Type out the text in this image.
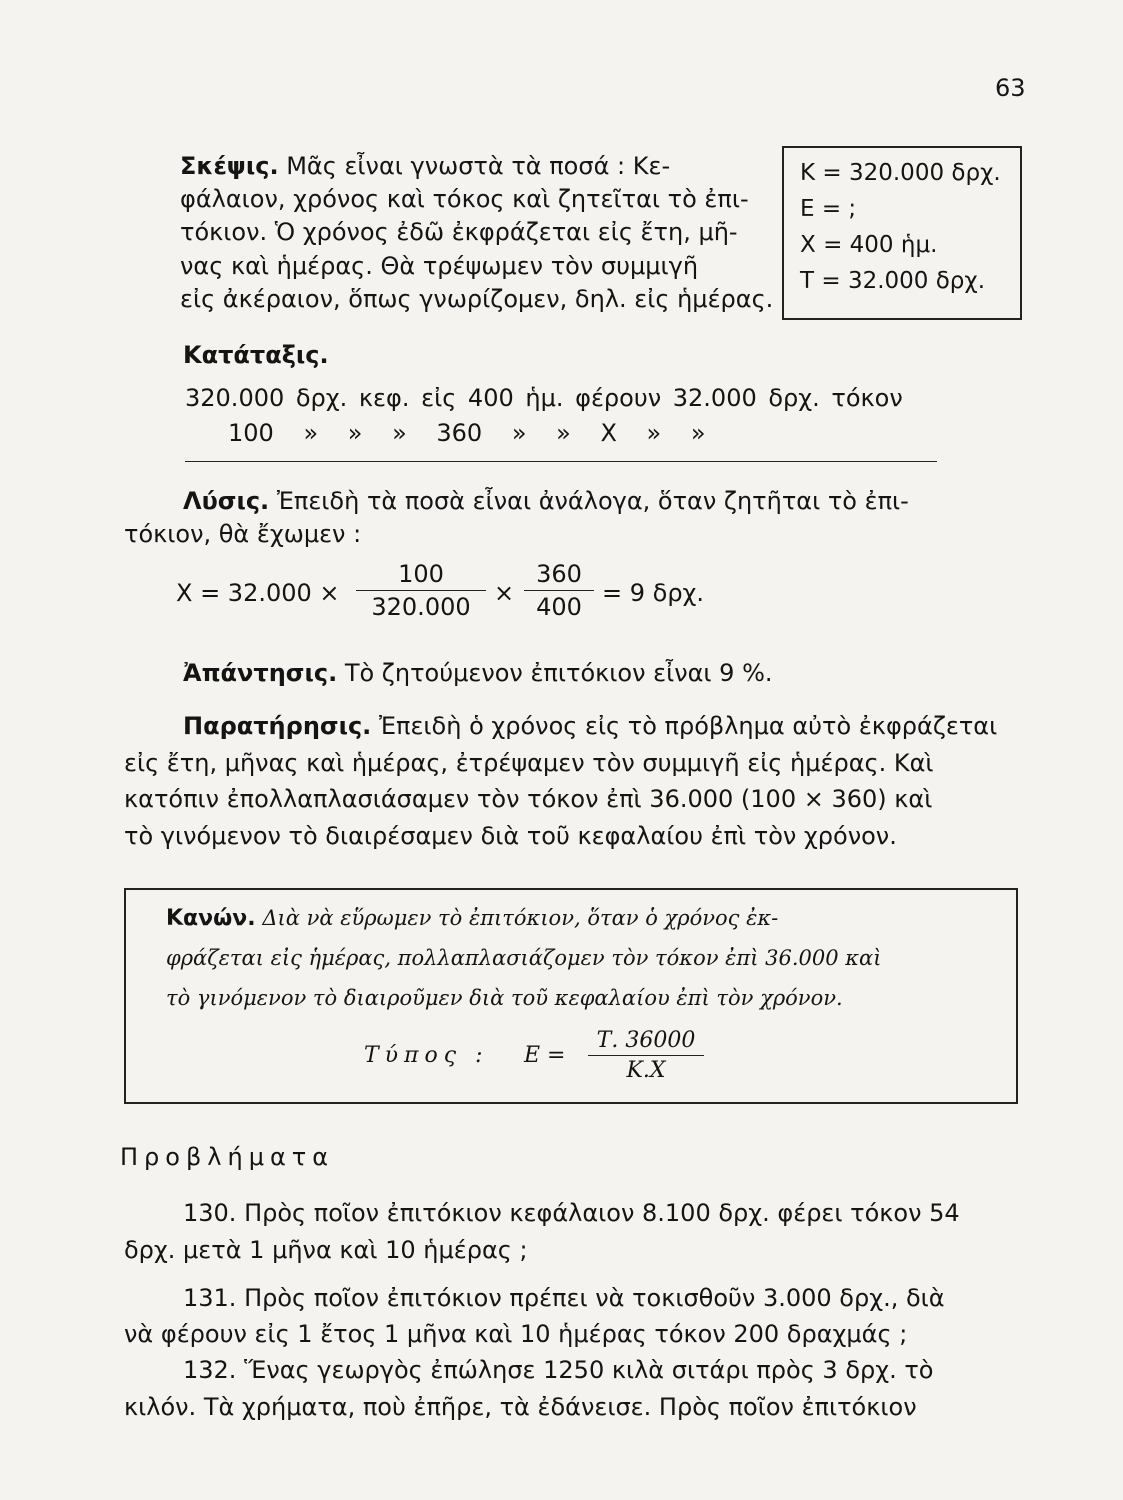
63
Σκέψις. Μᾶς εἶναι γνωστὰ τὰ ποσά : Κε-
φάλαιον, χρόνος καὶ τόκος καὶ ζητεῖται τὸ ἐπι-
τόκιον. Ὁ χρόνος ἐδῶ ἐκφράζεται εἰς ἔτη, μῆ-
νας καὶ ἡμέρας. Θὰ τρέψωμεν τὸν συμμιγῆ
εἰς ἀκέραιον, ὅπως γνωρίζομεν, δηλ. εἰς ἡμέρας.
Κ = 320.000 δρχ.
Ε = ;
Χ = 400 ἡμ.
Τ = 32.000 δρχ.
Κατάταξις.
320.000 δρχ. κεφ. εἰς 400 ἡμ. φέρουν 32.000 δρχ. τόκον
100 » » » 360 » » Χ » »
Λύσις. Ἐπειδὴ τὰ ποσὰ εἶναι ἀνάλογα, ὅταν ζητῆται τὸ ἐπι-
τόκιον, θὰ ἔχωμεν :
Χ = 32.000 ×
100
320.000 ×
360
400 = 9 δρχ.
Ἀπάντησις. Τὸ ζητούμενον ἐπιτόκιον εἶναι 9 %.
Παρατήρησις. Ἐπειδὴ ὁ χρόνος εἰς τὸ πρόβλημα αὐτὸ ἐκφράζεται
εἰς ἔτη, μῆνας καὶ ἡμέρας, ἐτρέψαμεν τὸν συμμιγῆ εἰς ἡμέρας. Καὶ
κατόπιν ἐπολλαπλασιάσαμεν τὸν τόκον ἐπὶ 36.000 (100 × 360) καὶ
τὸ γινόμενον τὸ διαιρέσαμεν διὰ τοῦ κεφαλαίου ἐπὶ τὸν χρόνον.
Κανών. Διὰ νὰ εὕρωμεν τὸ ἐπιτόκιον, ὅταν ὁ χρόνος ἐκ-
φράζεται εἰς ἡμέρας, πολλαπλασιάζομεν τὸν τόκον ἐπὶ 36.000 καὶ
τὸ γινόμενον τὸ διαιροῦμεν διὰ τοῦ κεφαλαίου ἐπὶ τὸν χρόνον.
Τύπος : Ε =
Τ. 36000
Κ.Χ
Προβλήματα
130. Πρὸς ποῖον ἐπιτόκιον κεφάλαιον 8.100 δρχ. φέρει τόκον 54
δρχ. μετὰ 1 μῆνα καὶ 10 ἡμέρας ;
131. Πρὸς ποῖον ἐπιτόκιον πρέπει νὰ τοκισθοῦν 3.000 δρχ., διὰ
νὰ φέρουν εἰς 1 ἔτος 1 μῆνα καὶ 10 ἡμέρας τόκον 200 δραχμάς ;
132. Ἕνας γεωργὸς ἐπώλησε 1250 κιλὰ σιτάρι πρὸς 3 δρχ. τὸ
κιλόν. Τὰ χρήματα, ποὺ ἐπῆρε, τὰ ἐδάνεισε. Πρὸς ποῖον ἐπιτόκιον
